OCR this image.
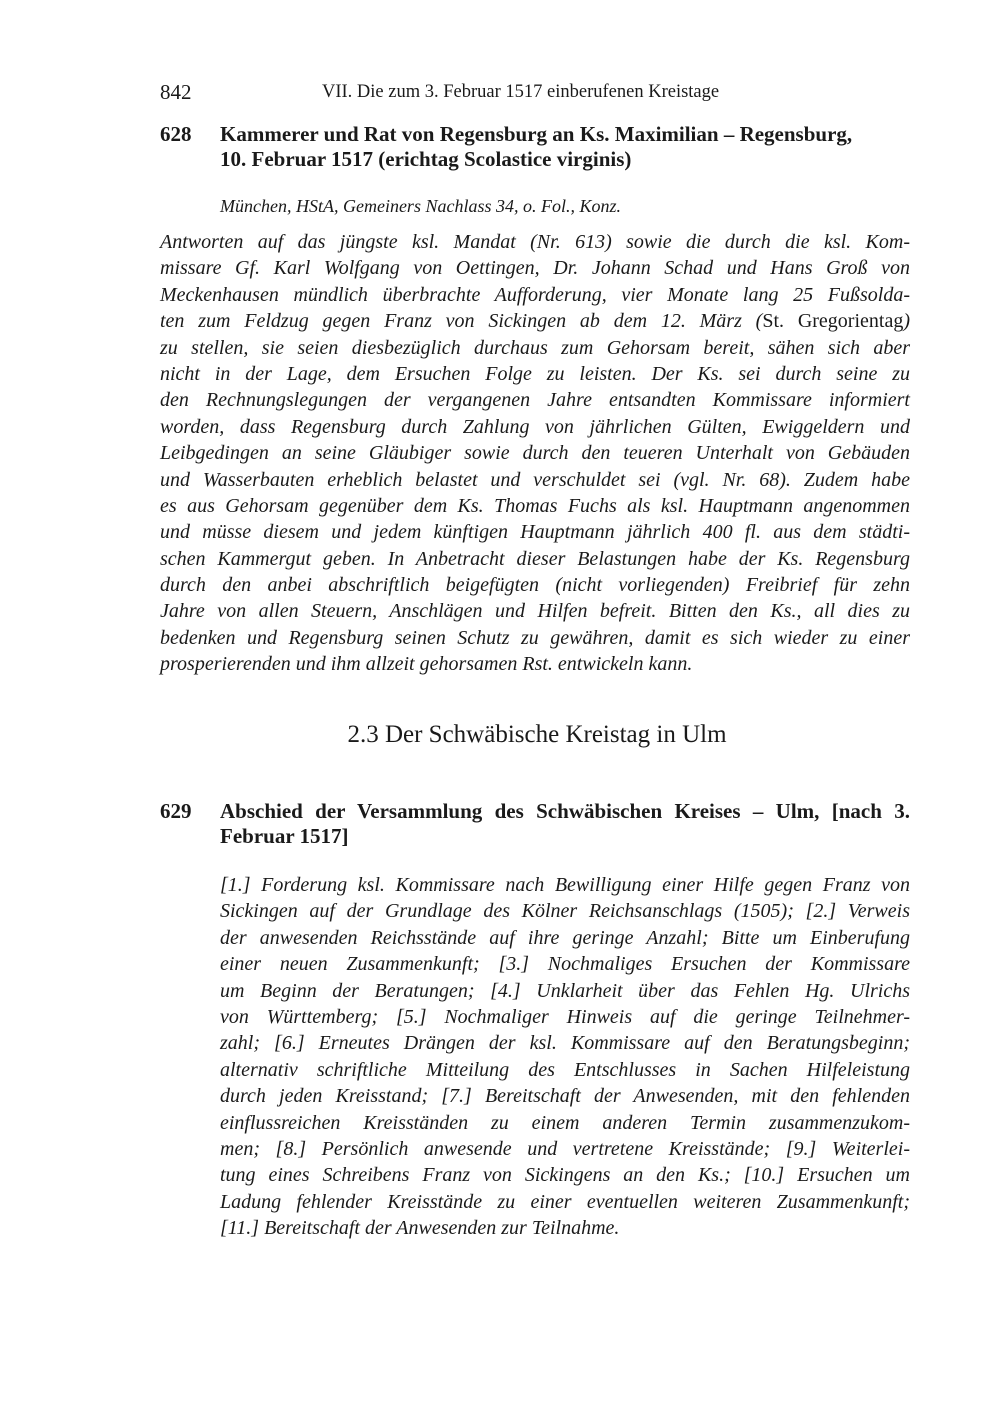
842	VII. Die zum 3. Februar 1517 einberufenen Kreistage
628 Kammerer und Rat von Regensburg an Ks. Maximilian – Regensburg,
10. Februar 1517 (erichtag Scolastice virginis)
München, HStA, Gemeiners Nachlass 34, o. Fol., Konz.
Antworten auf das jüngste ksl. Mandat (Nr. 613) sowie die durch die ksl. Kom-
missare Gf. Karl Wolfgang von Oettingen, Dr. Johann Schad und Hans Groß von
Meckenhausen mündlich überbrachte Aufforderung, vier Monate lang 25 Fußsolda-
ten zum Feldzug gegen Franz von Sickingen ab dem 12. März (St. Gregorientag)
zu stellen, sie seien diesbezüglich durchaus zum Gehorsam bereit, sähen sich aber
nicht in der Lage, dem Ersuchen Folge zu leisten. Der Ks. sei durch seine zu
den Rechnungslegungen der vergangenen Jahre entsandten Kommissare informiert
worden, dass Regensburg durch Zahlung von jährlichen Gülten, Ewiggeldern und
Leibgedingen an seine Gläubiger sowie durch den teueren Unterhalt von Gebäuden
und Wasserbauten erheblich belastet und verschuldet sei (vgl. Nr. 68). Zudem habe
es aus Gehorsam gegenüber dem Ks. Thomas Fuchs als ksl. Hauptmann angenommen
und müsse diesem und jedem künftigen Hauptmann jährlich 400 fl. aus dem städti-
schen Kammergut geben. In Anbetracht dieser Belastungen habe der Ks. Regensburg
durch den anbei abschriftlich beigefügten (nicht vorliegenden) Freibrief für zehn
Jahre von allen Steuern, Anschlägen und Hilfen befreit. Bitten den Ks., all dies zu
bedenken und Regensburg seinen Schutz zu gewähren, damit es sich wieder zu einer
prosperierenden und ihm allzeit gehorsamen Rst. entwickeln kann.
2.3 Der Schwäbische Kreistag in Ulm
629 Abschied der Versammlung des Schwäbischen Kreises – Ulm, [nach 3.
Februar 1517]
[1.] Forderung ksl. Kommissare nach Bewilligung einer Hilfe gegen Franz von
Sickingen auf der Grundlage des Kölner Reichsanschlags (1505); [2.] Verweis
der anwesenden Reichsstände auf ihre geringe Anzahl; Bitte um Einberufung
einer neuen Zusammenkunft; [3.] Nochmaliges Ersuchen der Kommissare
um Beginn der Beratungen; [4.] Unklarheit über das Fehlen Hg. Ulrichs
von Württemberg; [5.] Nochmaliger Hinweis auf die geringe Teilnehmer-
zahl; [6.] Erneutes Drängen der ksl. Kommissare auf den Beratungsbeginn;
alternativ schriftliche Mitteilung des Entschlusses in Sachen Hilfeleistung
durch jeden Kreisstand; [7.] Bereitschaft der Anwesenden, mit den fehlenden
einflussreichen Kreisständen zu einem anderen Termin zusammenzukom-
men; [8.] Persönlich anwesende und vertretene Kreisstände; [9.] Weiterlei-
tung eines Schreibens Franz von Sickingens an den Ks.; [10.] Ersuchen um
Ladung fehlender Kreisstände zu einer eventuellen weiteren Zusammenkunft;
[11.] Bereitschaft der Anwesenden zur Teilnahme.
